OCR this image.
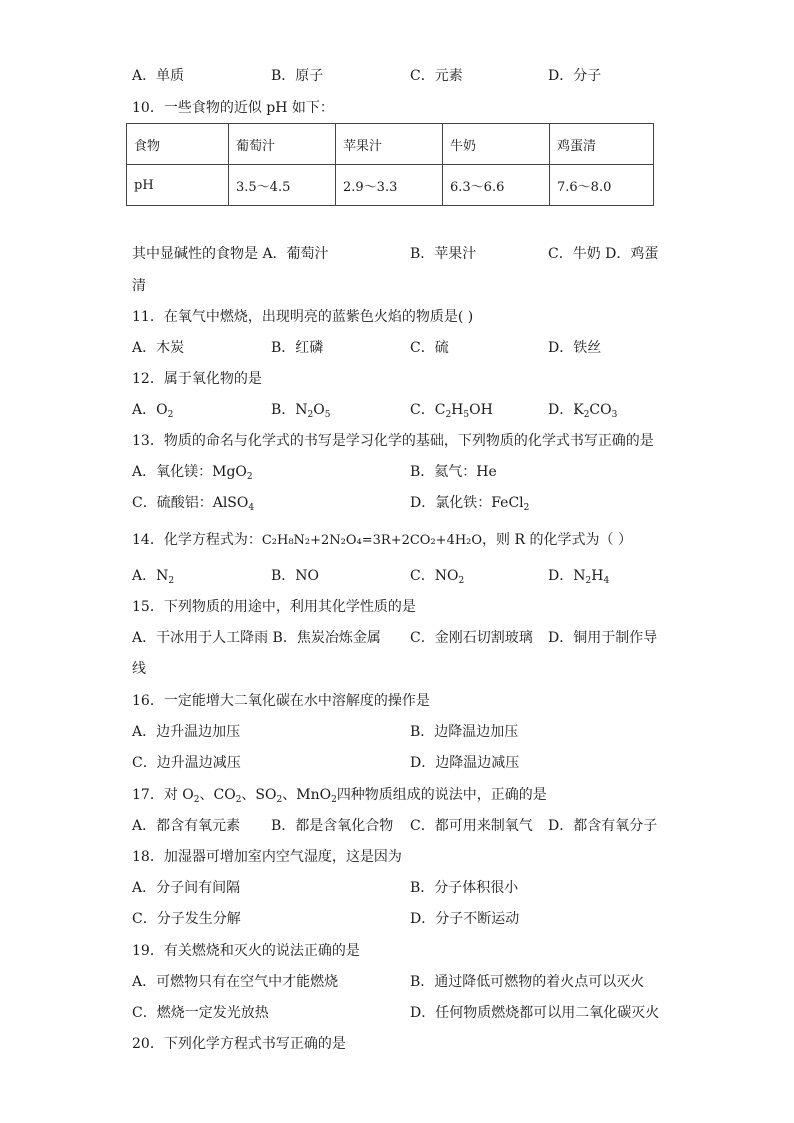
A．单质	B．原子	C．元素	D．分子
10．一些食物的近似 pH 如下：
食物	葡萄汁	苹果汁	牛奶	鸡蛋清
pH	3.5～4.5	2.9～3.3	6.3～6.6	7.6～8.0
其中显碱性的食物是 A．葡萄汁	B．苹果汁	C．牛奶 D．鸡蛋
清
11．在氧气中燃烧，出现明亮的蓝紫色火焰的物质是( )
A．木炭	B．红磷	C．硫	D．铁丝
12．属于氧化物的是
A．$O_2$	B．$N_2O_5$	C．$C_2H_5OH$	D．$K_2CO_3$
13．物质的命名与化学式的书写是学习化学的基础，下列物质的化学式书写正确的是
A．氧化镁：MgO$_2$	B．氦气：He
C．硫酸铝：AlSO$_4$	D．氯化铁：FeCl$_2$
14．化学方程式为：C₂H₈N₂+2N₂O₄=3R+2CO₂+4H₂O，则 R 的化学式为（ ）
A．$N_2$	B．NO	C．$NO_2$	D．$N_2H_4$
15．下列物质的用途中，利用其化学性质的是
A．干冰用于人工降雨 B．焦炭冶炼金属 C．金刚石切割玻璃 D．铜用于制作导
线
16．一定能增大二氧化碳在水中溶解度的操作是
A．边升温边加压	B．边降温边加压
C．边升温边减压	D．边降温边减压
17．对 $O_2$、$CO_2$、$SO_2$、MnO$_2$四种物质组成的说法中，正确的是
A．都含有氧元素 B．都是含氧化合物 C．都可用来制氧气 D．都含有氧分子
18．加湿器可增加室内空气湿度，这是因为
A．分子间有间隔	B．分子体积很小
C．分子发生分解	D．分子不断运动
19．有关燃烧和灭火的说法正确的是
A．可燃物只有在空气中才能燃烧	B．通过降低可燃物的着火点可以灭火
C．燃烧一定发光放热	D．任何物质燃烧都可以用二氧化碳灭火
20．下列化学方程式书写正确的是
